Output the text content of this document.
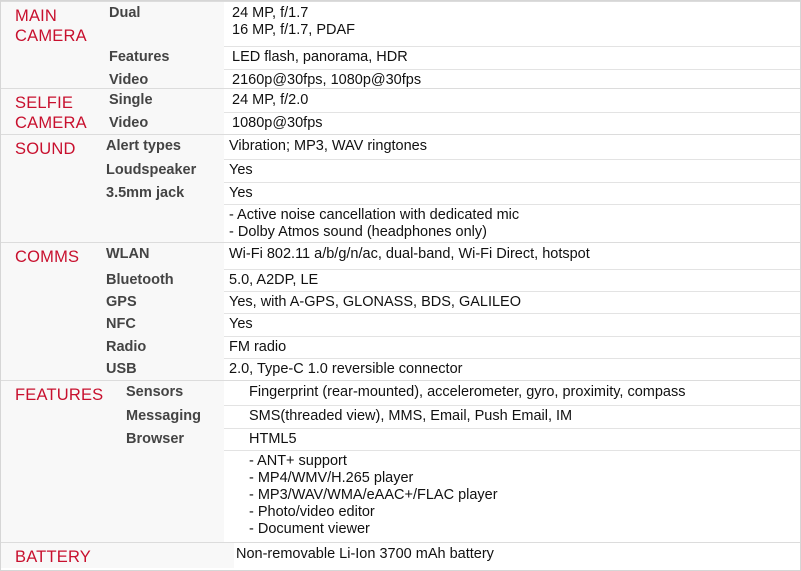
MAIN
CAMERA
Dual	24 MP, f/1.7
16 MP, f/1.7, PDAF
Features	LED flash, panorama, HDR
Video	2160p@30fps, 1080p@30fps
SELFIE
CAMERA
Single	24 MP, f/2.0
Video	1080p@30fps
SOUND Alert types	Vibration; MP3, WAV ringtones
Loudspeaker	Yes
3.5mm jack	Yes
- Active noise cancellation with dedicated mic
- Dolby Atmos sound (headphones only)
COMMS WLAN	Wi-Fi 802.11 a/b/g/n/ac, dual-band, Wi-Fi Direct, hotspot
Bluetooth	5.0, A2DP, LE
GPS	Yes, with A-GPS, GLONASS, BDS, GALILEO
NFC	Yes
Radio	FM radio
USB	2.0, Type-C 1.0 reversible connector
FEATURES	Sensors	Fingerprint (rear-mounted), accelerometer, gyro, proximity, compass
Messaging	SMS(threaded view), MMS, Email, Push Email, IM
Browser	HTML5
- ANT+ support
- MP4/WMV/H.265 player
- MP3/WAV/WMA/eAAC+/FLAC player
- Photo/video editor
- Document viewer
BATTERY	Non-removable Li-Ion 3700 mAh battery
